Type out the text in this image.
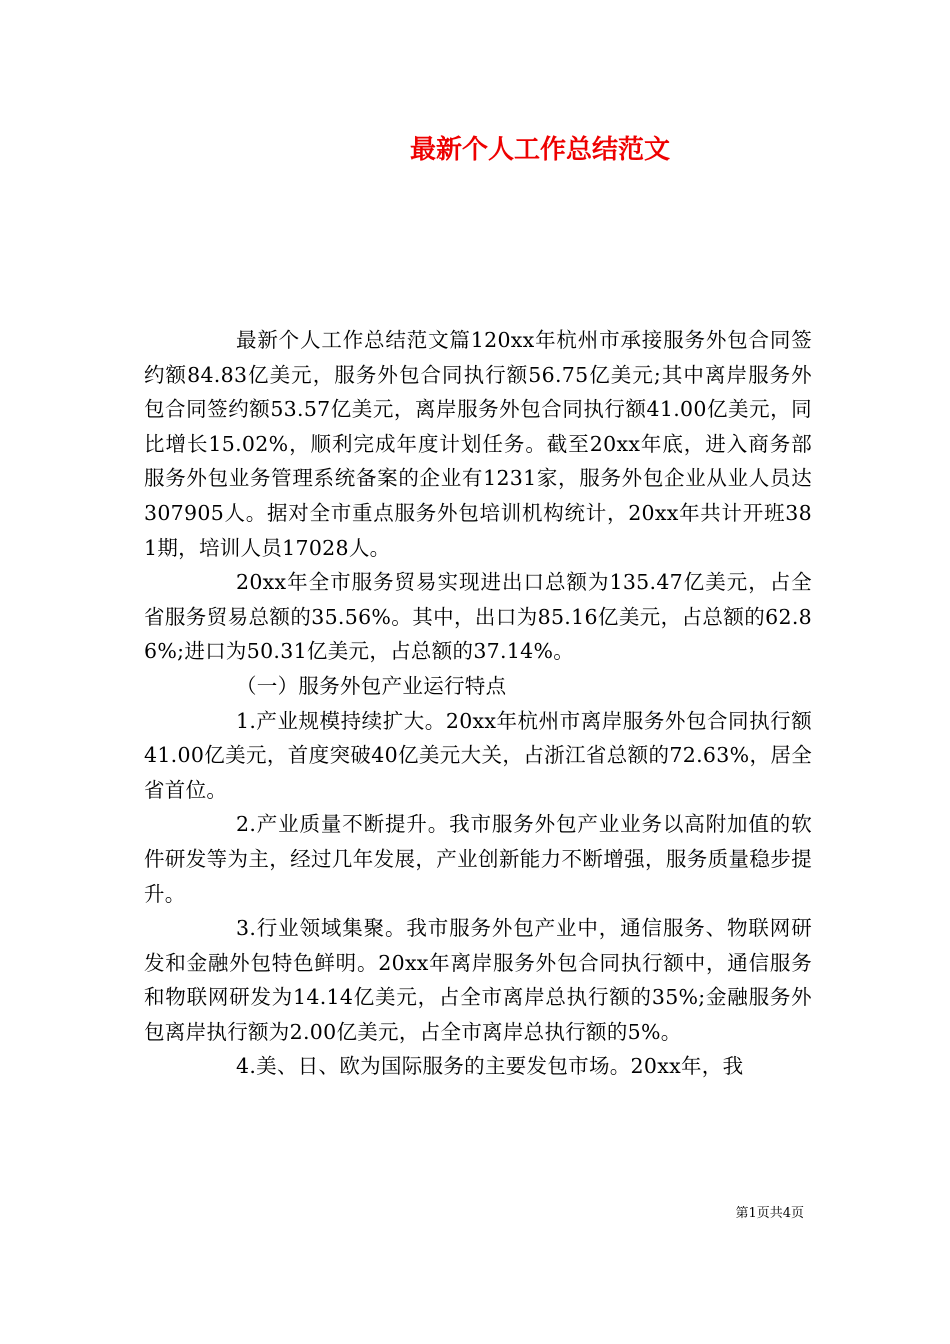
最新个人工作总结范文

最新个人工作总结范文篇120xx年杭州市承接服务外包合同签约额84.83亿美元，服务外包合同执行额56.75亿美元;其中离岸服务外包合同签约额53.57亿美元，离岸服务外包合同执行额41.00亿美元，同比增长15.02%，顺利完成年度计划任务。截至20xx年底，进入商务部服务外包业务管理系统备案的企业有1231家，服务外包企业从业人员达307905人。据对全市重点服务外包培训机构统计，20xx年共计开班381期，培训人员17028人。

20xx年全市服务贸易实现进出口总额为135.47亿美元，占全省服务贸易总额的35.56%。其中，出口为85.16亿美元，占总额的62.86%;进口为50.31亿美元，占总额的37.14%。

（一）服务外包产业运行特点

1.产业规模持续扩大。20xx年杭州市离岸服务外包合同执行额41.00亿美元，首度突破40亿美元大关，占浙江省总额的72.63%，居全省首位。

2.产业质量不断提升。我市服务外包产业业务以高附加值的软件研发等为主，经过几年发展，产业创新能力不断增强，服务质量稳步提升。

3.行业领域集聚。我市服务外包产业中，通信服务、物联网研发和金融外包特色鲜明。20xx年离岸服务外包合同执行额中，通信服务和物联网研发为14.14亿美元，占全市离岸总执行额的35%;金融服务外包离岸执行额为2.00亿美元，占全市离岸总执行额的5%。

4.美、日、欧为国际服务的主要发包市场。20xx年，我

第1页共4页
